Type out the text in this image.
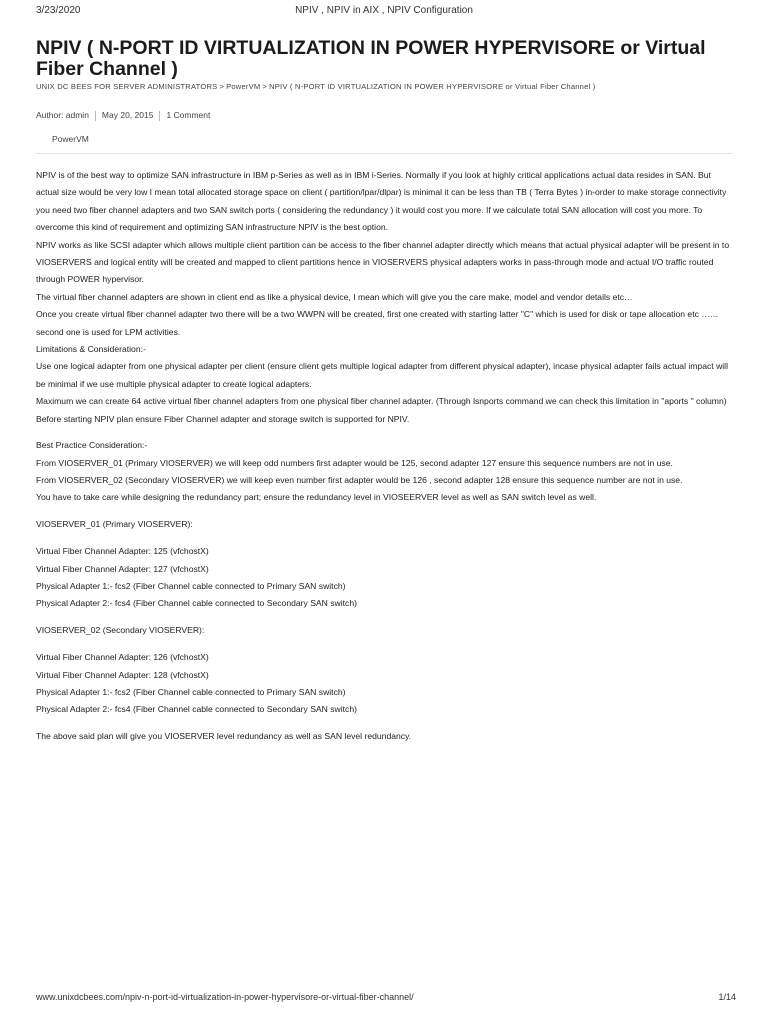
3/23/2020	NPIV , NPIV in AIX , NPIV Configuration
NPIV ( N-PORT ID VIRTUALIZATION IN POWER HYPERVISORE or Virtual Fiber Channel )
UNIX DC BEES FOR SERVER ADMINISTRATORS > PowerVM > NPIV ( N-PORT ID VIRTUALIZATION IN POWER HYPERVISORE or Virtual Fiber Channel )
Author: admin May 20, 2015 1 Comment
PowerVM

NPIV is of the best way to optimize SAN infrastructure in IBM p-Series as well as in IBM i-Series. Normally if you look at highly critical applications actual data resides in SAN. But actual size would be very low I mean total allocated storage space on client ( partition/lpar/dlpar) is minimal it can be less than TB ( Terra Bytes ) in-order to make storage connectivity you need two fiber channel adapters and two SAN switch ports ( considering the redundancy ) it would cost you more. If we calculate total SAN allocation will cost you more. To overcome this kind of requirement and optimizing SAN infrastructure NPIV is the best option.

NPIV works as like SCSI adapter which allows multiple client partition can be access to the fiber channel adapter directly which means that actual physical adapter will be present in to VIOSERVERS and logical entity will be created and mapped to client partitions hence in VIOSERVERS physical adapters works in pass-through mode and actual I/O traffic routed through POWER hypervisor.

The virtual fiber channel adapters are shown in client end as like a physical device, I mean which will give you the care make, model and vendor details etc…

Once you create virtual fiber channel adapter two there will be a two WWPN will be created, first one created with starting latter "C" which is used for disk or tape allocation etc …… second one is used for LPM activities.

Limitations & Consideration:-

Use one logical adapter from one physical adapter per client (ensure client gets multiple logical adapter from different physical adapter), incase physical adapter fails actual impact will be minimal if we use multiple physical adapter to create logical adapters.

Maximum we can create 64 active virtual fiber channel adapters from one physical fiber channel adapter. (Through lsnports command we can check this limitation in "aports " column)

Before starting NPIV plan ensure Fiber Channel adapter and storage switch is supported for NPIV.

Best Practice Consideration:-

From VIOSERVER_01 (Primary VIOSERVER) we will keep odd numbers first adapter would be 125, second adapter 127 ensure this sequence numbers are not in use.

From VIOSERVER_02 (Secondary VIOSERVER) we will keep even number first adapter would be 126 , second adapter 128 ensure this sequence number are not in use.

You have to take care while designing the redundancy part; ensure the redundancy level in VIOSEERVER level as well as SAN switch level as well.

VIOSERVER_01 (Primary VIOSERVER):

Virtual Fiber Channel Adapter: 125 (vfchostX)

Virtual Fiber Channel Adapter: 127 (vfchostX)

Physical Adapter 1:- fcs2 (Fiber Channel cable connected to Primary SAN switch)

Physical Adapter 2:- fcs4 (Fiber Channel cable connected to Secondary SAN switch)

VIOSERVER_02 (Secondary VIOSERVER):

Virtual Fiber Channel Adapter: 126 (vfchostX)

Virtual Fiber Channel Adapter: 128 (vfchostX)

Physical Adapter 1:- fcs2 (Fiber Channel cable connected to Primary SAN switch)

Physical Adapter 2:- fcs4 (Fiber Channel cable connected to Secondary SAN switch)

The above said plan will give you VIOSERVER level redundancy as well as SAN level redundancy.

www.unixdcbees.com/npiv-n-port-id-virtualization-in-power-hypervisore-or-virtual-fiber-channel/	1/14
